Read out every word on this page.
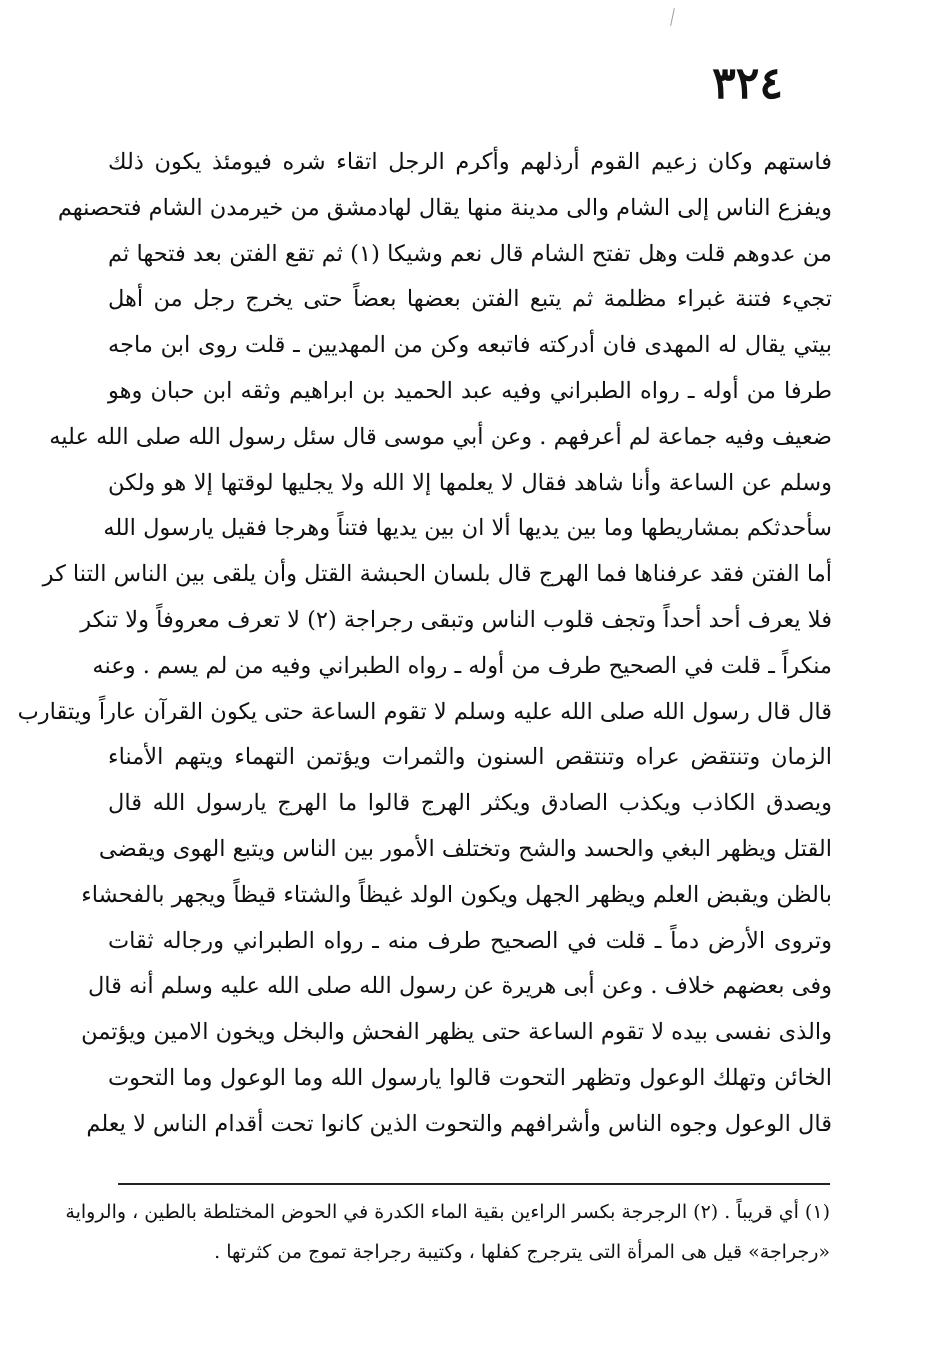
٣٢٤
فاستهم وكان زعيم القوم أرذلهم وأكرم الرجل اتقاء شره فيومئذ يكون ذلك
ويفزع الناس إلى الشام والى مدينة منها يقال لهادمشق من خيرمدن الشام فتحصنهم
من عدوهم قلت وهل تفتح الشام قال نعم وشيكا (١) ثم تقع الفتن بعد فتحها ثم
تجيء فتنة غبراء مظلمة ثم يتبع الفتن بعضها بعضاً حتى يخرج رجل من أهل
بيتي يقال له المهدى فان أدركته فاتبعه وكن من المهديين ـ قلت روى ابن ماجه
طرفا من أوله ـ رواه الطبراني وفيه عبد الحميد بن ابراهيم وثقه ابن حبان وهو
ضعيف وفيه جماعة لم أعرفهم . وعن أبي موسى قال سئل رسول الله صلى الله عليه
وسلم عن الساعة وأنا شاهد فقال لا يعلمها إلا الله ولا يجليها لوقتها إلا هو ولكن
سأحدثكم بمشاريطها وما بين يديها ألا ان بين يديها فتناً وهرجا فقيل يارسول الله
أما الفتن فقد عرفناها فما الهرج قال بلسان الحبشة القتل وأن يلقى بين الناس التنا كر
فلا يعرف أحد أحداً وتجف قلوب الناس وتبقى رجراجة (٢) لا تعرف معروفاً ولا تنكر
منكراً ـ قلت في الصحيح طرف من أوله ـ رواه الطبراني وفيه من لم يسم . وعنه
قال قال رسول الله صلى الله عليه وسلم لا تقوم الساعة حتى يكون القرآن عاراً ويتقارب
الزمان وتنتقض عراه وتنتقص السنون والثمرات ويؤتمن التهماء ويتهم الأمناء
ويصدق الكاذب ويكذب الصادق ويكثر الهرج قالوا ما الهرج يارسول الله قال
القتل ويظهر البغي والحسد والشح وتختلف الأمور بين الناس ويتبع الهوى ويقضى
بالظن ويقبض العلم ويظهر الجهل ويكون الولد غيظاً والشتاء قيظاً ويجهر بالفحشاء
وتروى الأرض دماً ـ قلت في الصحيح طرف منه ـ رواه الطبراني ورجاله ثقات
وفى بعضهم خلاف . وعن أبى هريرة عن رسول الله صلى الله عليه وسلم أنه قال
والذى نفسى بيده لا تقوم الساعة حتى يظهر الفحش والبخل ويخون الامين ويؤتمن
الخائن وتهلك الوعول وتظهر التحوت قالوا يارسول الله وما الوعول وما التحوت
قال الوعول وجوه الناس وأشرافهم والتحوت الذين كانوا تحت أقدام الناس لا يعلم
(١) أي قريباً . (٢) الرجرجة بكسر الراءين بقية الماء الكدرة في الحوض المختلطة بالطين ، والرواية
«رجراجة» قيل هى المرأة التى يترجرج كفلها ، وكتيبة رجراجة تموج من كثرتها .
